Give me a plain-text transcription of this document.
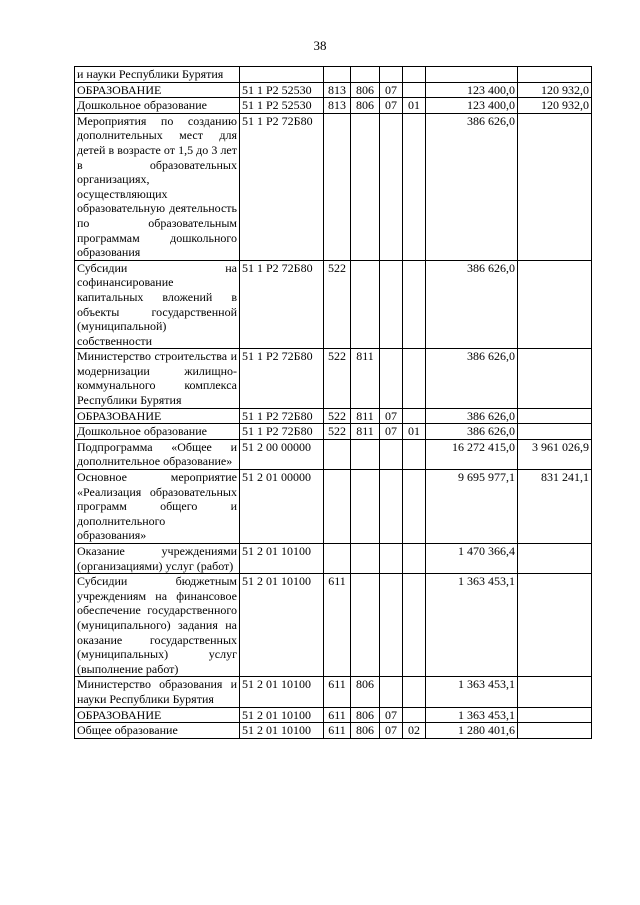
38
и науки Республики Бурятия							
ОБРАЗОВАНИЕ	51 1 Р2 52530	813	806	07		123 400,0	120 932,0
Дошкольное образование	51 1 Р2 52530	813	806	07	01	123 400,0	120 932,0
Мероприятия по созданию дополнительных мест для детей в возрасте от 1,5 до 3 лет в образовательных организациях, осуществляющих образовательную деятельность по образовательным программам дошкольного образования	51 1 Р2 72Б80					386 626,0	
Субсидии на софинансирование капитальных вложений в объекты государственной (муниципальной) собственности	51 1 Р2 72Б80	522				386 626,0	
Министерство строительства и модернизации жилищно-коммунального комплекса Республики Бурятия	51 1 Р2 72Б80	522	811			386 626,0	
ОБРАЗОВАНИЕ	51 1 Р2 72Б80	522	811	07		386 626,0	
Дошкольное образование	51 1 Р2 72Б80	522	811	07	01	386 626,0	
Подпрограмма «Общее и дополнительное образование»	51 2 00 00000					16 272 415,0	3 961 026,9
Основное мероприятие «Реализация образовательных программ общего и дополнительного образования»	51 2 01 00000					9 695 977,1	831 241,1
Оказание учреждениями (организациями) услуг (работ)	51 2 01 10100					1 470 366,4	
Субсидии бюджетным учреждениям на финансовое обеспечение государственного (муниципального) задания на оказание государственных (муниципальных) услуг (выполнение работ)	51 2 01 10100	611				1 363 453,1	
Министерство образования и науки Республики Бурятия	51 2 01 10100	611	806			1 363 453,1	
ОБРАЗОВАНИЕ	51 2 01 10100	611	806	07		1 363 453,1	
Общее образование	51 2 01 10100	611	806	07	02	1 280 401,6	
